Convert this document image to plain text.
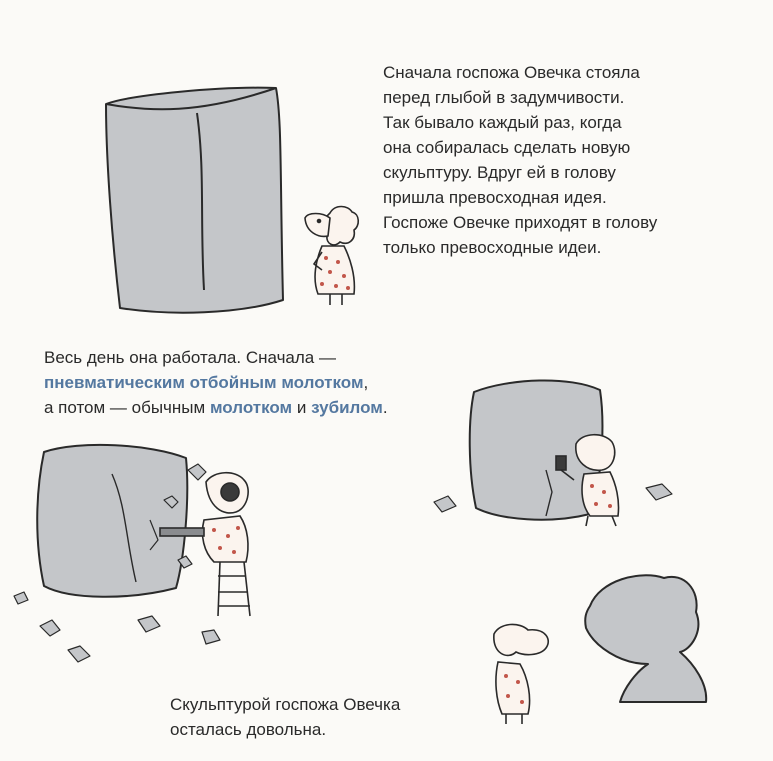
Сначала госпожа Овечка стояла

перед глыбой в задумчивости.

Так бывало каждый раз, когда

она собиралась сделать новую

скульптуру. Вдруг ей в голову

пришла превосходная идея.

Госпоже Овечке приходят в голову

только превосходные идеи.

Весь день она работала. Сначала —

пневматическим отбойным молотком,

а потом — обычным молотком и зубилом.

Скульптурой госпожа Овечка

осталась довольна.
